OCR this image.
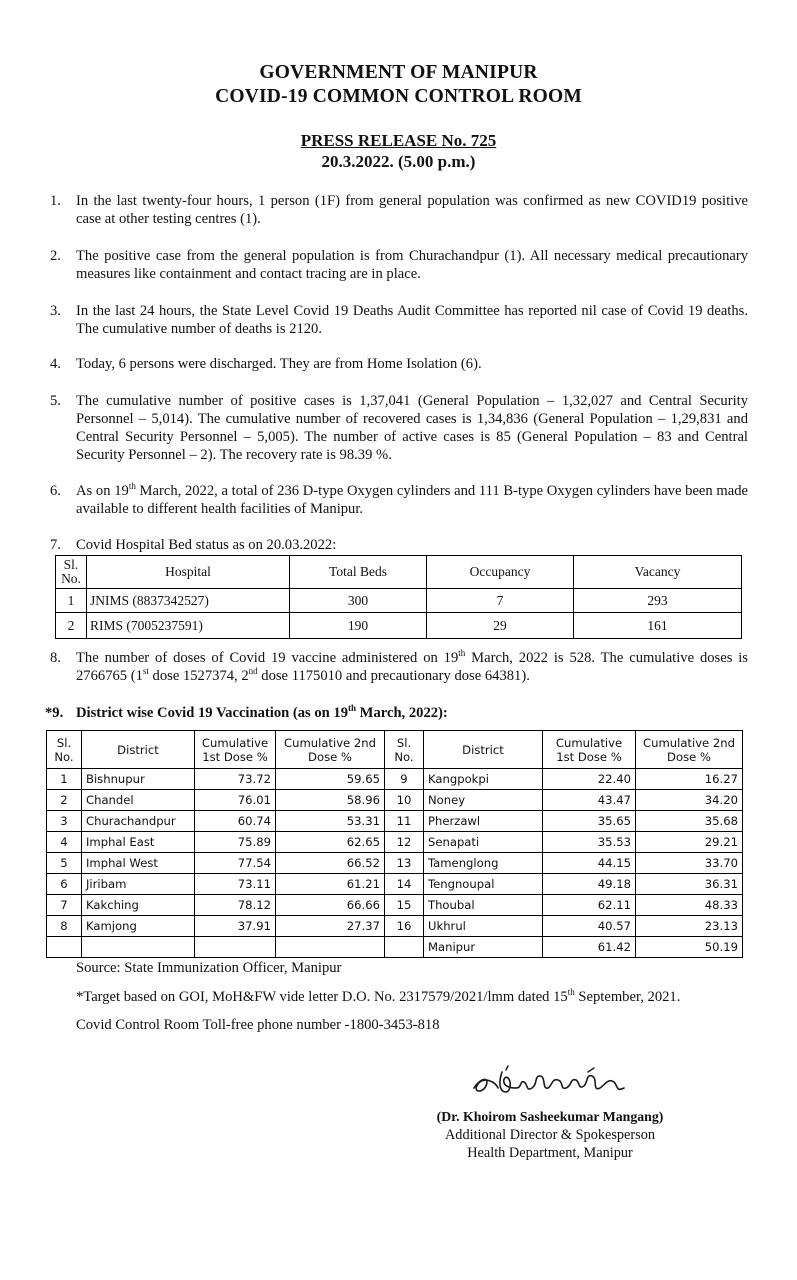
GOVERNMENT OF MANIPUR
COVID-19 COMMON CONTROL ROOM
PRESS RELEASE No. 725
20.3.2022. (5.00 p.m.)
1. In the last twenty-four hours, 1 person (1F) from general population was confirmed as new COVID19 positive case at other testing centres (1).
2. The positive case from the general population is from Churachandpur (1). All necessary medical precautionary measures like containment and contact tracing are in place.
3. In the last 24 hours, the State Level Covid 19 Deaths Audit Committee has reported nil case of Covid 19 deaths. The cumulative number of deaths is 2120.
4. Today, 6 persons were discharged. They are from Home Isolation (6).
5. The cumulative number of positive cases is 1,37,041 (General Population – 1,32,027 and Central Security Personnel – 5,014). The cumulative number of recovered cases is 1,34,836 (General Population – 1,29,831 and Central Security Personnel – 5,005). The number of active cases is 85 (General Population – 83 and Central Security Personnel – 2). The recovery rate is 98.39 %.
6. As on 19th March, 2022, a total of 236 D-type Oxygen cylinders and 111 B-type Oxygen cylinders have been made available to different health facilities of Manipur.
7. Covid Hospital Bed status as on 20.03.2022:
Sl. No.	Hospital	Total Beds	Occupancy	Vacancy
1	JNIMS (8837342527)	300	7	293
2	RIMS (7005237591)	190	29	161
8. The number of doses of Covid 19 vaccine administered on 19th March, 2022 is 528. The cumulative doses is 2766765 (1st dose 1527374, 2nd dose 1175010 and precautionary dose 64381).
*9. District wise Covid 19 Vaccination (as on 19th March, 2022):
Sl. No.	District	Cumulative 1st Dose %	Cumulative 2nd Dose %	Sl. No.	District	Cumulative 1st Dose %	Cumulative 2nd Dose %
1	Bishnupur	73.72	59.65	9	Kangpokpi	22.40	16.27
2	Chandel	76.01	58.96	10	Noney	43.47	34.20
3	Churachandpur	60.74	53.31	11	Pherzawl	35.65	35.68
4	Imphal East	75.89	62.65	12	Senapati	35.53	29.21
5	Imphal West	77.54	66.52	13	Tamenglong	44.15	33.70
6	Jiribam	73.11	61.21	14	Tengnoupal	49.18	36.31
7	Kakching	78.12	66.66	15	Thoubal	62.11	48.33
8	Kamjong	37.91	27.37	16	Ukhrul	40.57	23.13
					Manipur	61.42	50.19
Source: State Immunization Officer, Manipur
*Target based on GOI, MoH&FW vide letter D.O. No. 2317579/2021/lmm dated 15th September, 2021.
Covid Control Room Toll-free phone number -1800-3453-818
(Dr. Khoirom Sasheekumar Mangang)
Additional Director & Spokesperson
Health Department, Manipur
